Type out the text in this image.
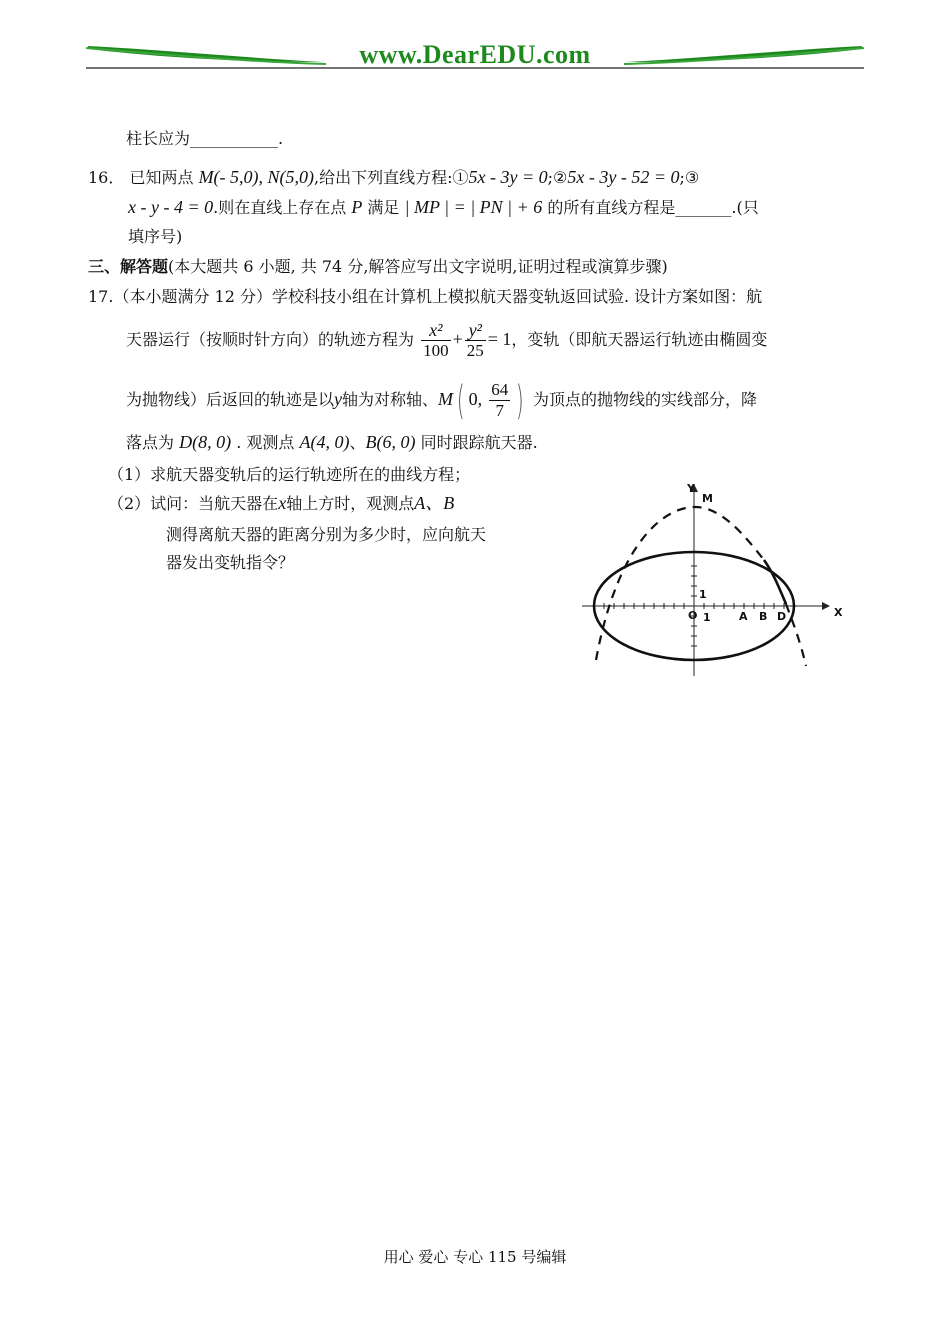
www.DearEDU.com
柱长应为___________.
16． 已知两点 M(- 5,0), N(5,0),给出下列直线方程:①5x - 3y = 0;②5x - 3y - 52 = 0;③
x - y - 4 = 0.则在直线上存在点 P 满足 | MP | = | PN | + 6 的所有直线方程是_______.(只
填序号)
三、解答题(本大题共 6 小题, 共 74 分,解答应写出文字说明,证明过程或演算步骤)
17.（本小题满分 12 分）学校科技小组在计算机上模拟航天器变轨返回试验. 设计方案如图：航
天器运行（按顺时针方向）的轨迹方程为 $\frac{\text{x²}}{100} + \frac{\text{y²}}{25} = 1$，变轨（即航天器运行轨迹由椭圆变
为抛物线）后返回的轨迹是以y轴为对称轴、M( 0, $\frac{64}{7}$ ) 为顶点的抛物线的实线部分，降
落点为 D(8, 0) . 观测点 A(4, 0)、B(6, 0) 同时跟踪航天器.
（1）求航天器变轨后的运行轨迹所在的曲线方程；
（2）试问：当航天器在x轴上方时，观测点A、B
测得离航天器的距离分别为多少时，应向航天
器发出变轨指令？
Y
M
X
O 1
1
A B D
用心 爱心 专心 115 号编辑
